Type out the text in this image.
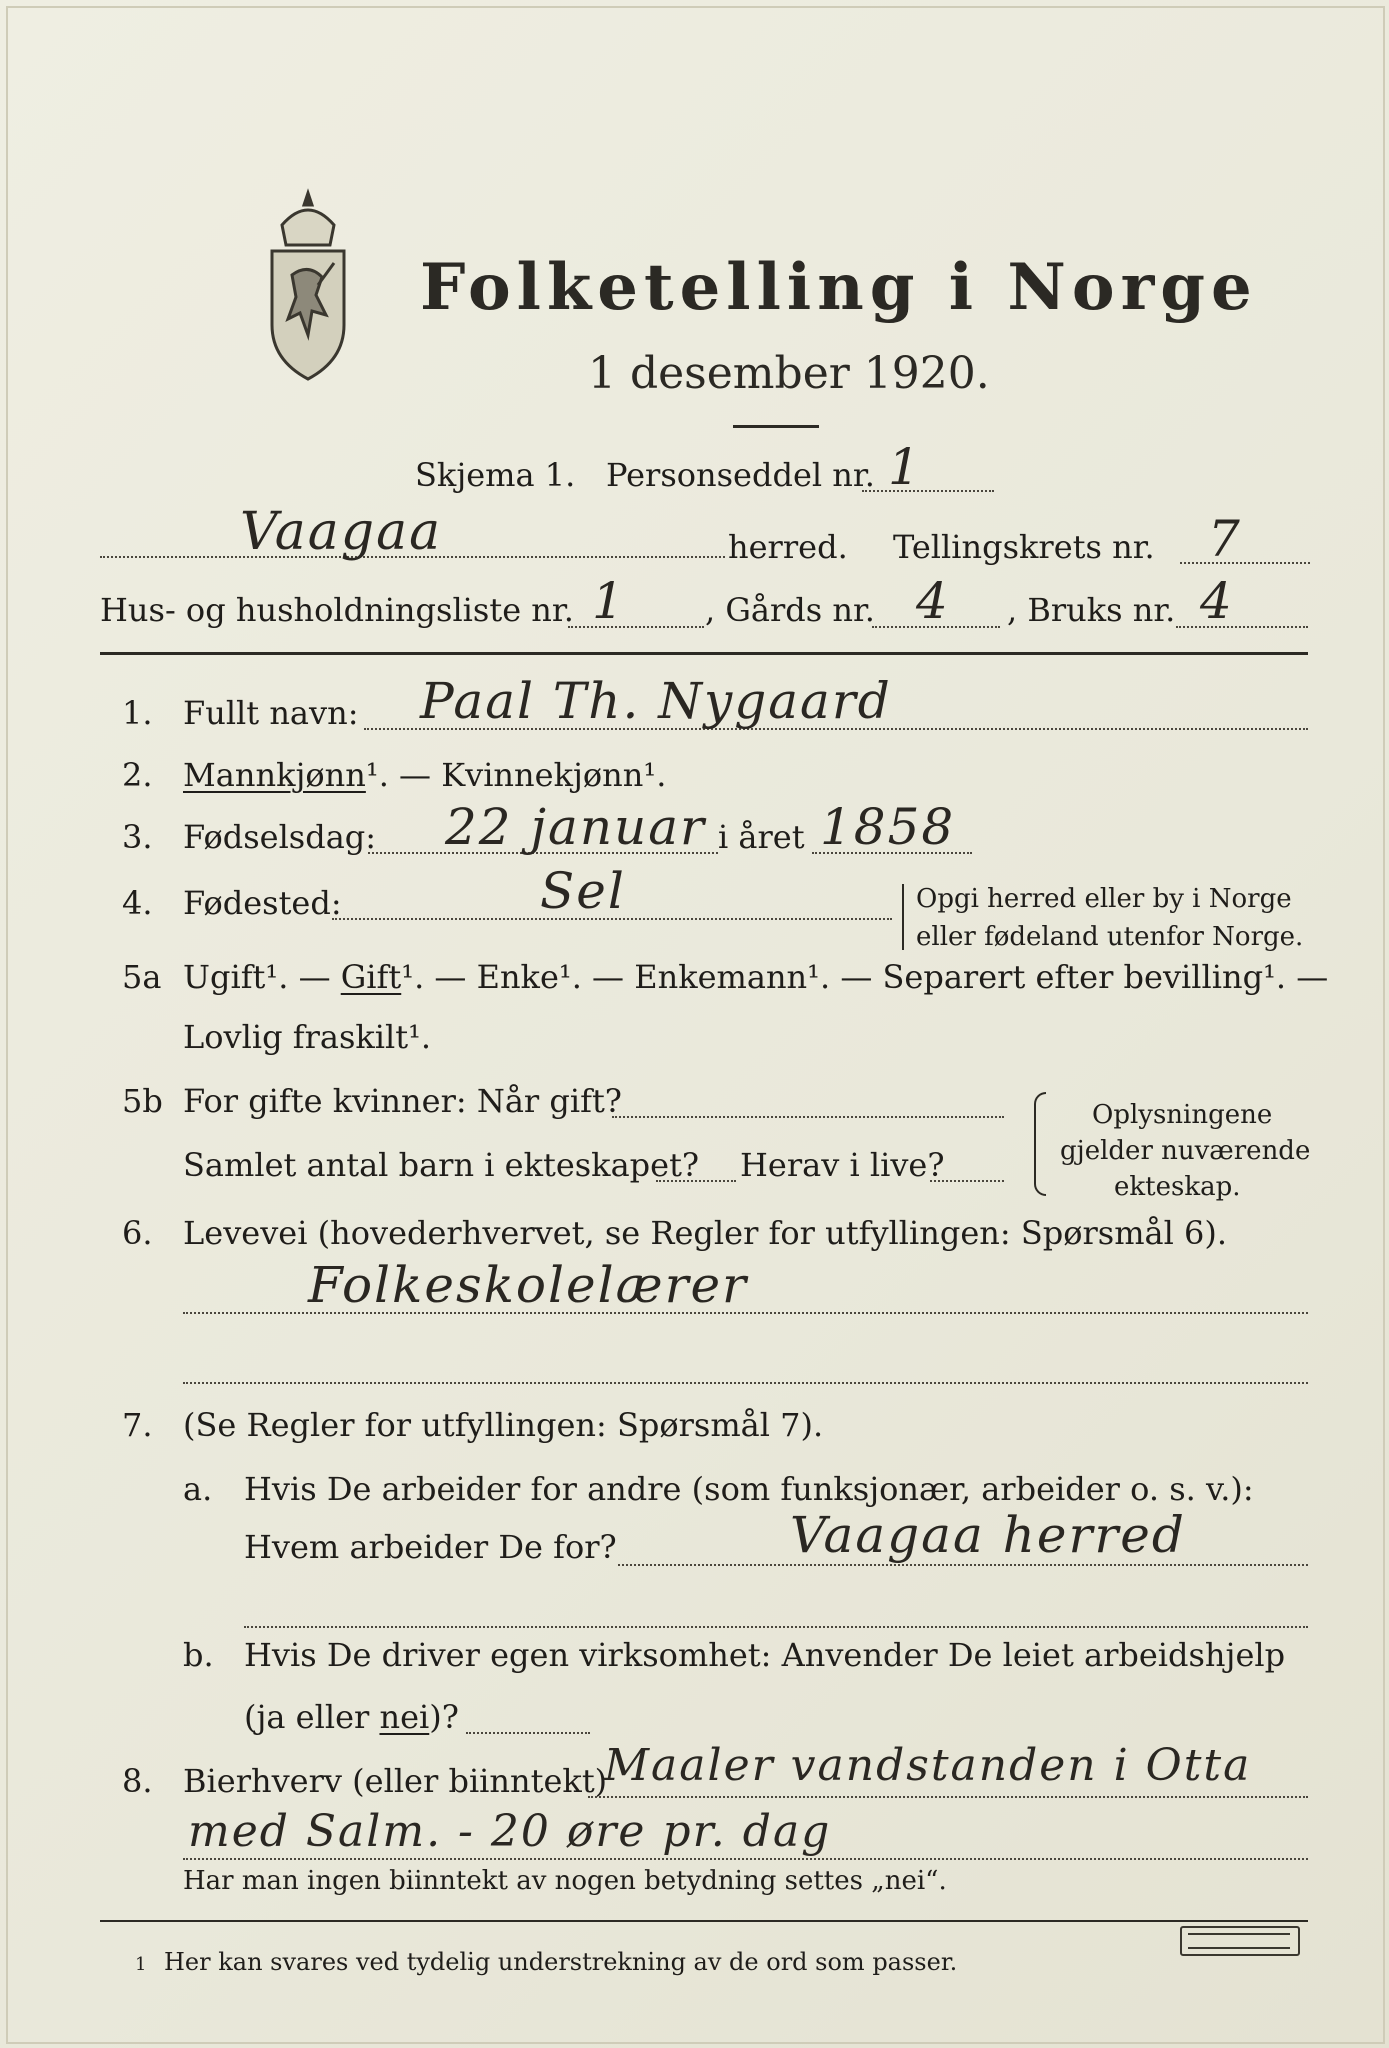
Folketelling i Norge
1 desember 1920.
Skjema 1. Personseddel nr. 1
Vaagaa	herred. Tellingskrets nr. 7
Hus- og husholdningsliste nr. 1 , Gårds nr. 4 , Bruks nr. 4
1. Fullt navn: Paal Th. Nygaard
2. Mannkjønn¹. — Kvinnekjønn¹.
3. Fødselsdag: 22 januar i året 1858
4. Fødested:	Sel	Opgi herred eller by i Norge
eller fødeland utenfor Norge.
5a Ugift¹. — Gift¹. — Enke¹. — Enkemann¹. — Separert efter bevilling¹. —
Lovlig fraskilt¹.
5b For gifte kvinner: Når gift?
Samlet antal barn i ekteskapet? Herav i live?
Oplysningene
gjelder nuværende
ekteskap.
6. Levevei (hovederhvervet, se Regler for utfyllingen: Spørsmål 6).
Folkeskolelærer
7. (Se Regler for utfyllingen: Spørsmål 7).
a. Hvis De arbeider for andre (som funksjonær, arbeider o. s. v.):
Hvem arbeider De for?	Vaagaa herred
b. Hvis De driver egen virksomhet: Anvender De leiet arbeidshjelp
(ja eller nei)?
8. Bierhverv (eller biinntekt)
Maaler vandstanden i Otta
med Salm. - 20 øre pr. dag
Har man ingen biinntekt av nogen betydning settes „nei“.
1 Her kan svares ved tydelig understrekning av de ord som passer.
